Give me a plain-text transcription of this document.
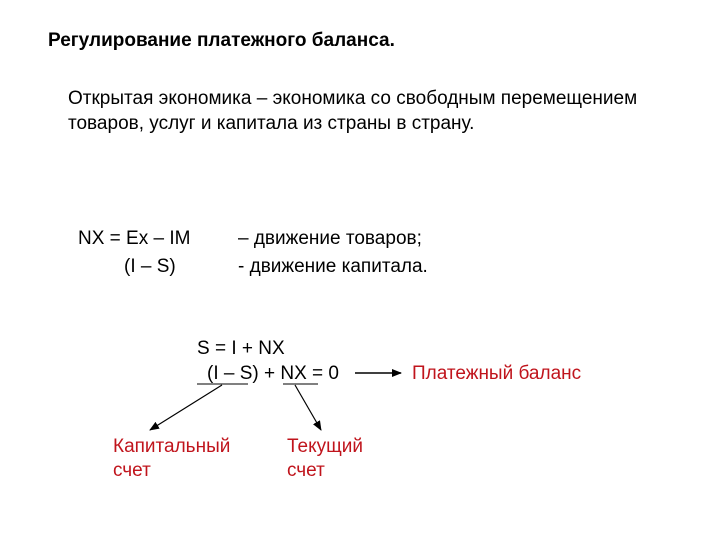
Регулирование платежного баланса.
Открытая экономика – экономика со свободным перемещением
товаров, услуг и капитала из страны в страну.
NX = Ex – IM	– движение товаров;
(I – S)	- движение капитала.
S = I + NX
(I – S) + NX = 0	Платежный баланс
Капитальный
счет
Текущий
счет
